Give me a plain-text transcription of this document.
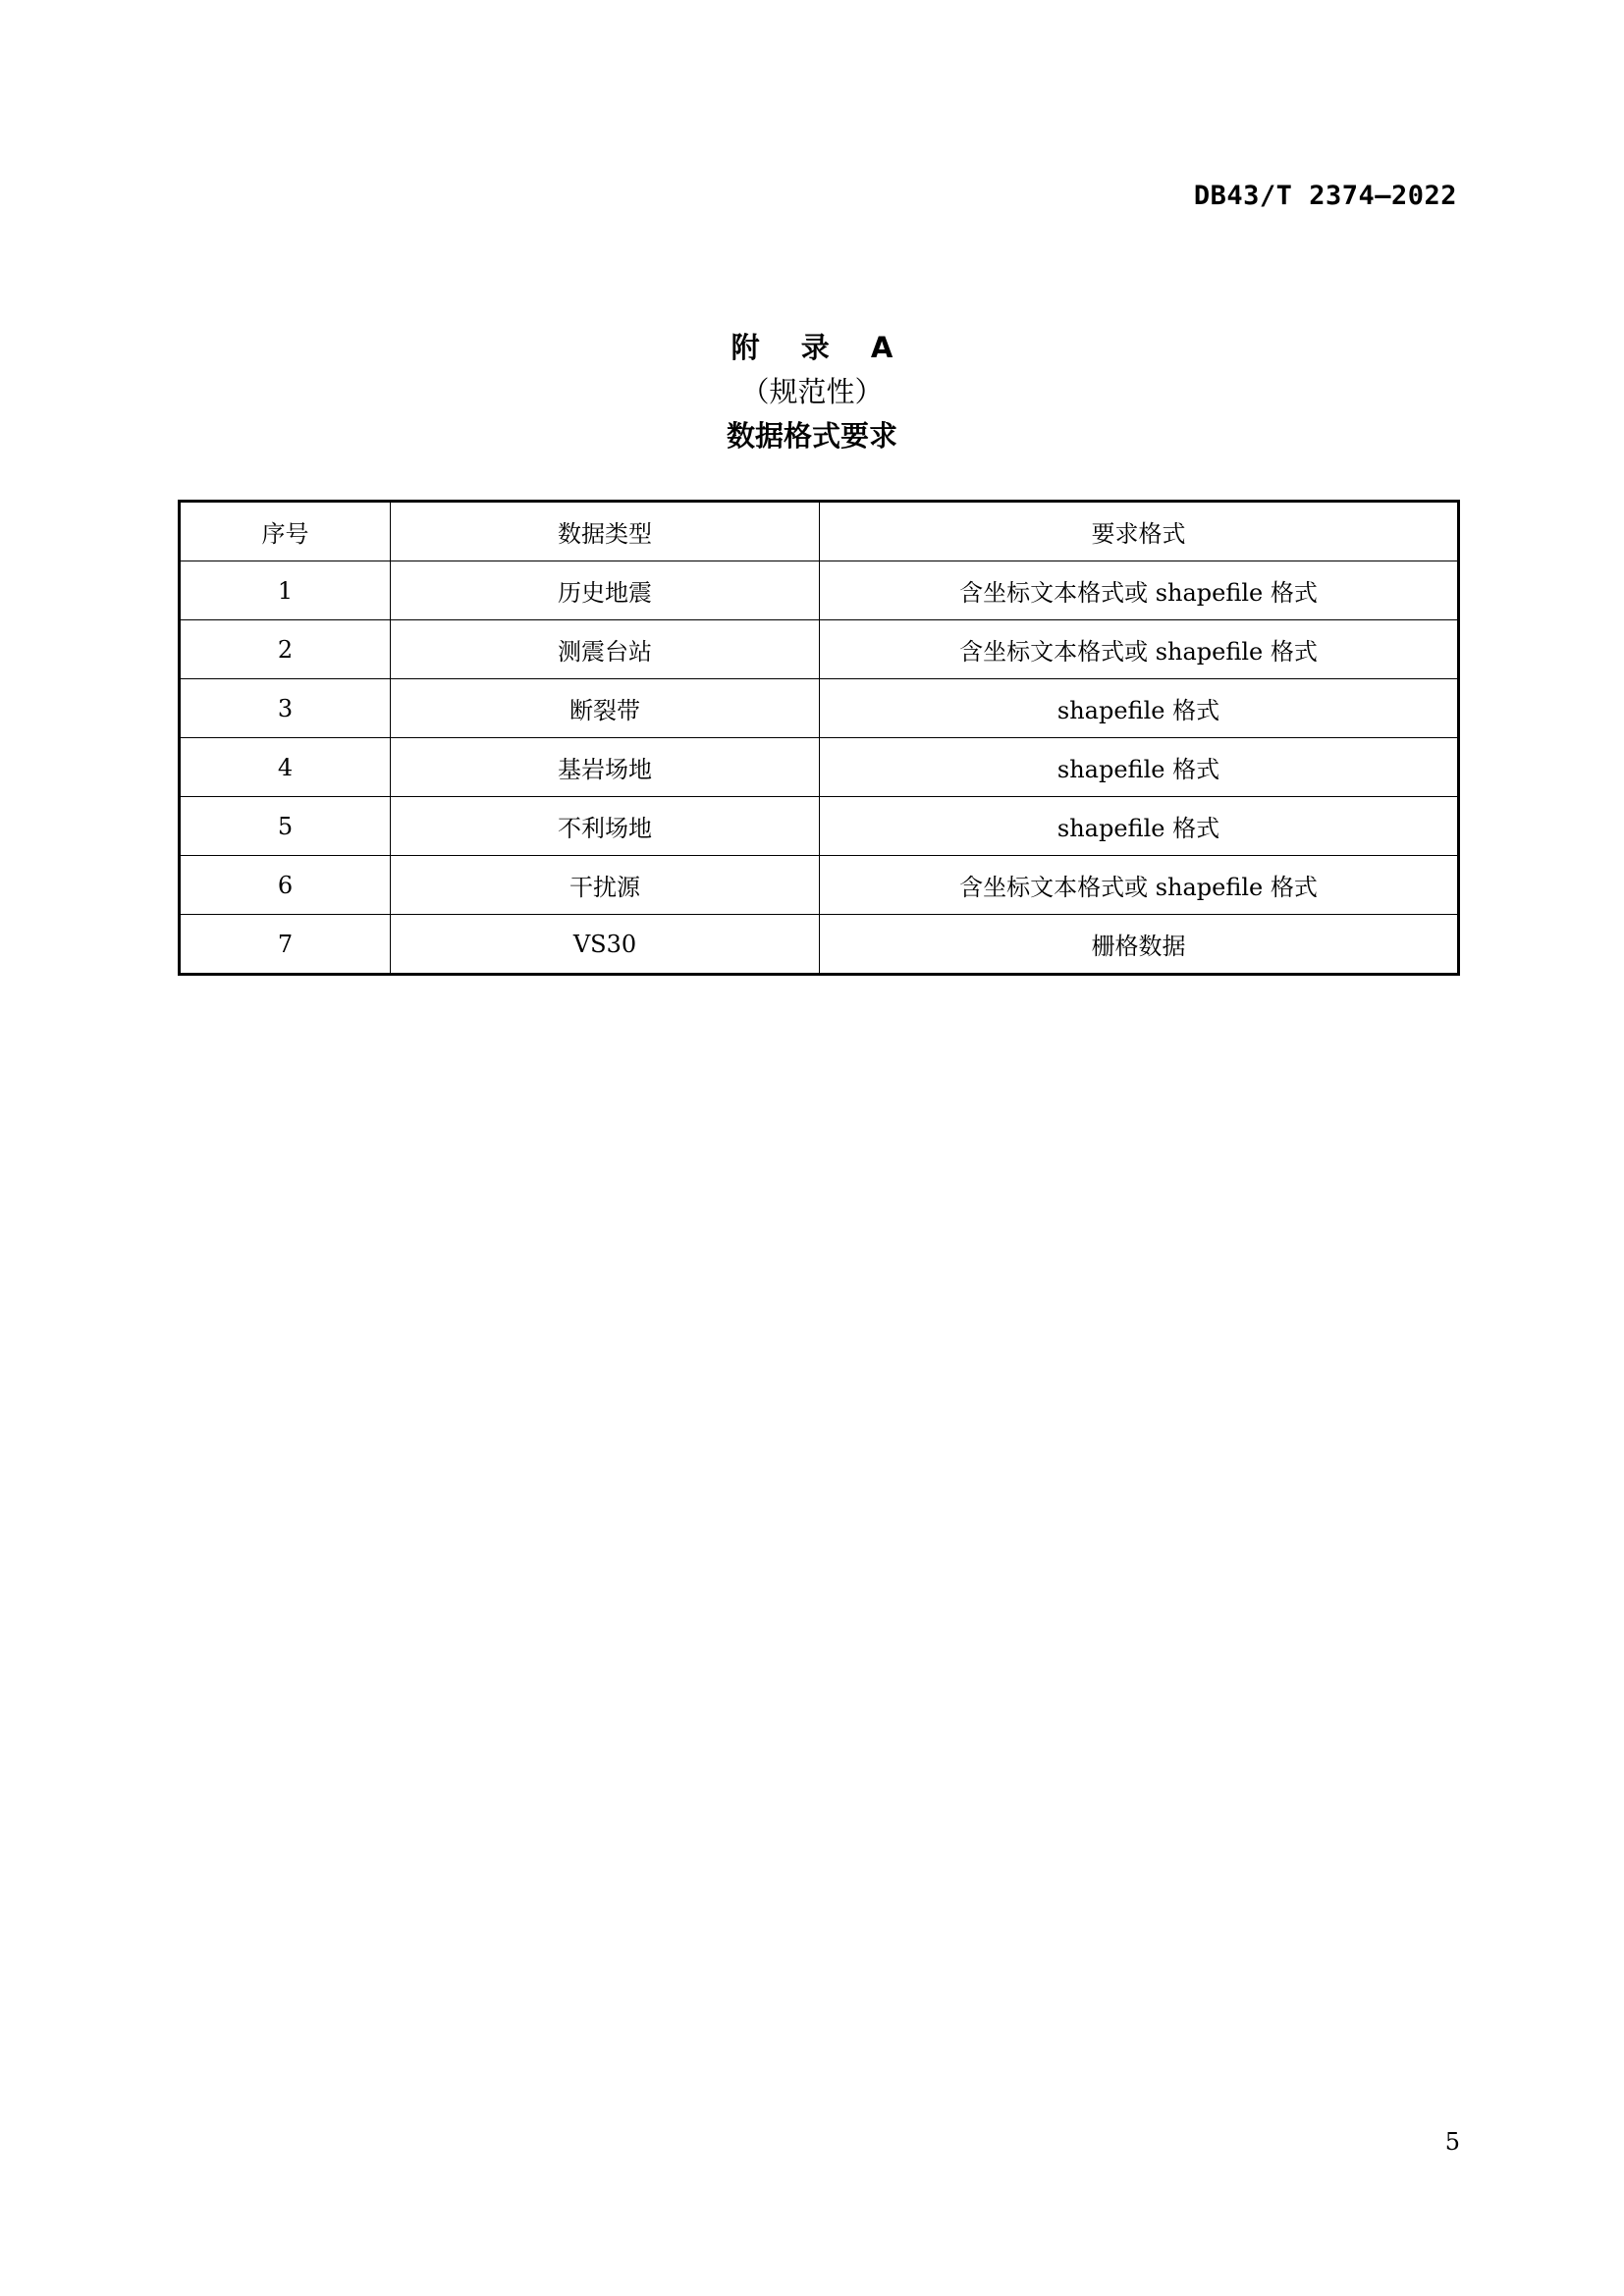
DB43/T 2374—2022
附 录 A
（规范性）
数据格式要求
序号	数据类型	要求格式
1	历史地震	含坐标文本格式或 shapefile 格式
2	测震台站	含坐标文本格式或 shapefile 格式
3	断裂带	shapefile 格式
4	基岩场地	shapefile 格式
5	不利场地	shapefile 格式
6	干扰源	含坐标文本格式或 shapefile 格式
7	VS30	栅格数据
5
